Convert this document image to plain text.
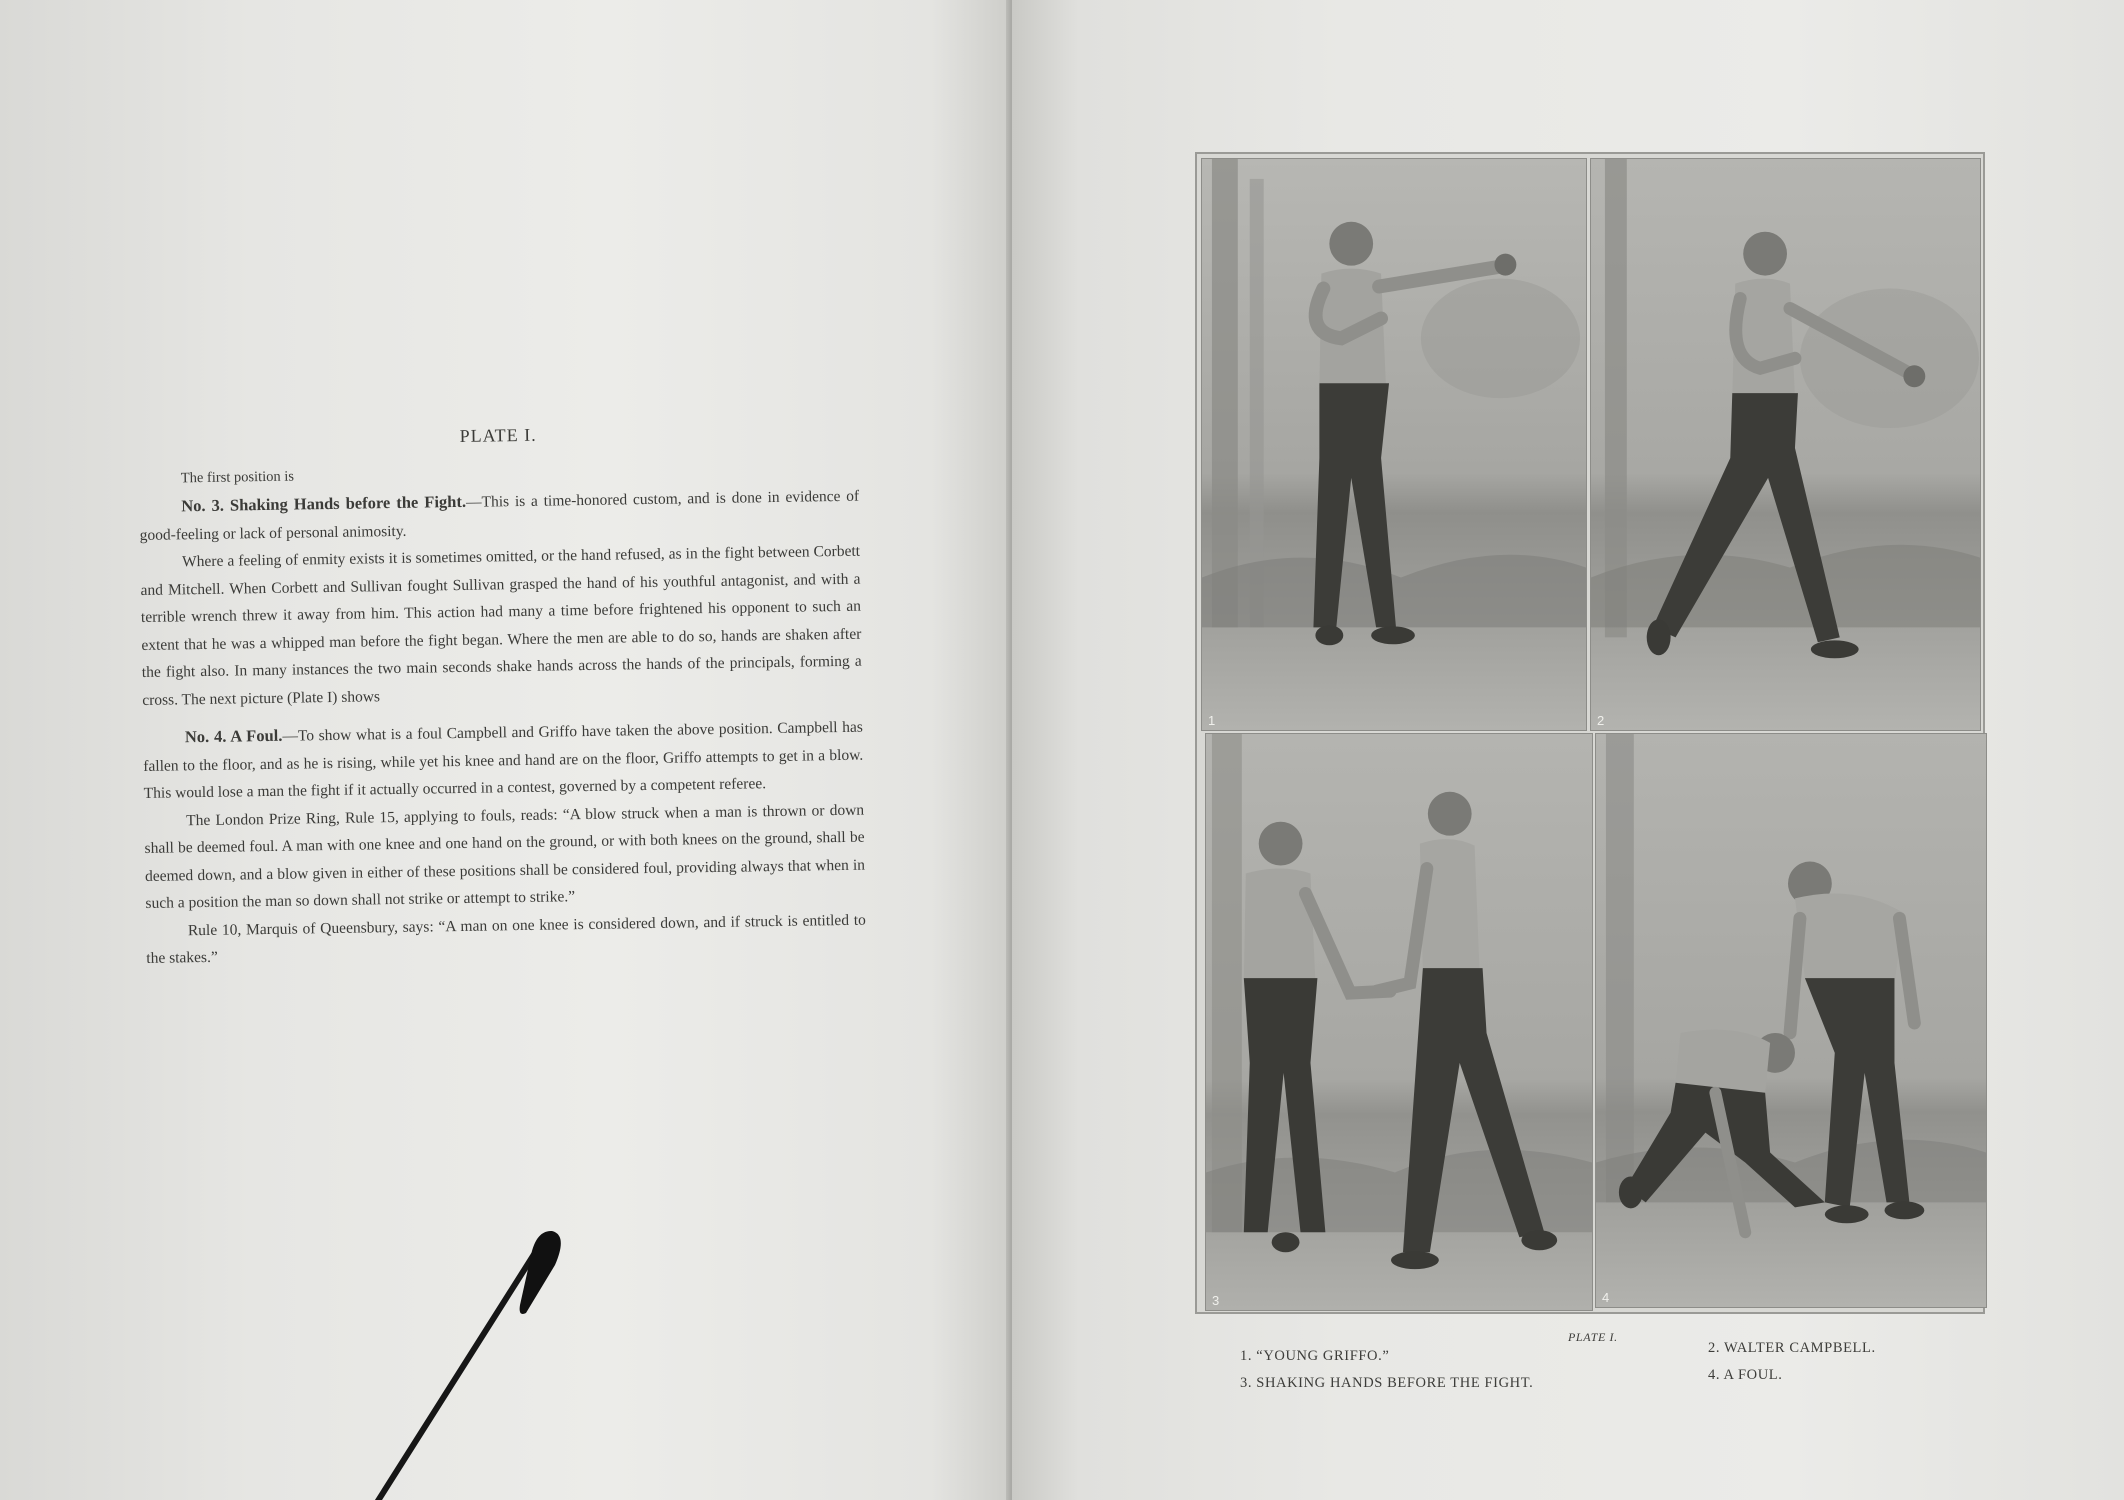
PLATE I.

The first position is

No. 3. Shaking Hands before the Fight.—This is a time-honored custom, and is done in evidence of good-feeling or lack of personal animosity.

Where a feeling of enmity exists it is sometimes omitted, or the hand refused, as in the fight between Corbett and Mitchell. When Corbett and Sullivan fought Sullivan grasped the hand of his youthful antagonist, and with a terrible wrench threw it away from him. This action had many a time before frightened his opponent to such an extent that he was a whipped man before the fight began. Where the men are able to do so, hands are shaken after the fight also. In many instances the two main seconds shake hands across the hands of the principals, forming a cross. The next picture (Plate I) shows

No. 4. A Foul.—To show what is a foul Campbell and Griffo have taken the above position. Campbell has fallen to the floor, and as he is rising, while yet his knee and hand are on the floor, Griffo attempts to get in a blow. This would lose a man the fight if it actually occurred in a contest, governed by a competent referee.

The London Prize Ring, Rule 15, applying to fouls, reads: “A blow struck when a man is thrown or down shall be deemed foul. A man with one knee and one hand on the ground, or with both knees on the ground, shall be deemed down, and a blow given in either of these positions shall be considered foul, providing always that when in such a position the man so down shall not strike or attempt to strike.”

Rule 10, Marquis of Queensbury, says: “A man on one knee is considered down, and if struck is entitled to the stakes.”

1	2
3	4
PLATE I.
1. “YOUNG GRIFFO.”	2. WALTER CAMPBELL.
3. SHAKING HANDS BEFORE THE FIGHT.	4. A FOUL.
